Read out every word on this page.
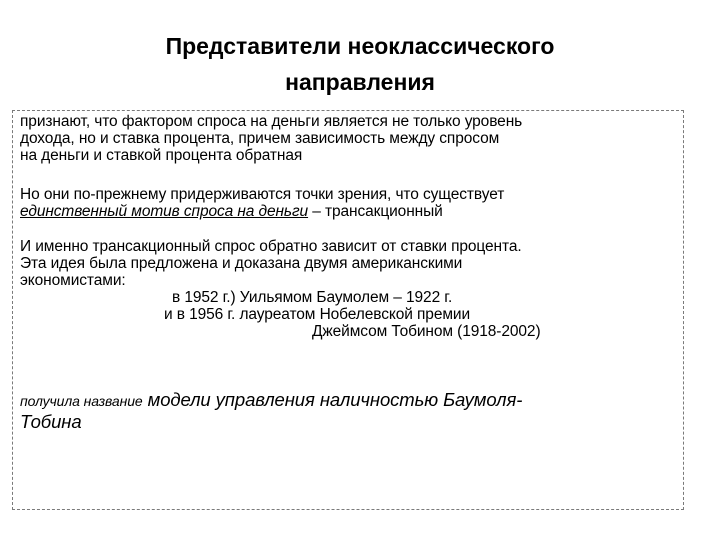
Представители неоклассического
направления

признают, что фактором спроса на деньги является не только уровень
дохода, но и ставка процента, причем зависимость между спросом
на деньги и ставкой процента обратная

Но они по-прежнему придерживаются точки зрения, что существует
единственный мотив спроса на деньги – трансакционный

И именно трансакционный спрос обратно зависит от ставки процента.

Эта идея была предложена и доказана двумя американскими
экономистами:
в 1952 г.) Уильямом Баумолем – 1922 г.
и в 1956 г. лауреатом Нобелевской премии
Джеймсом Тобином (1918-2002)

получила название модели управления наличностью Баумоля-
Тобина
